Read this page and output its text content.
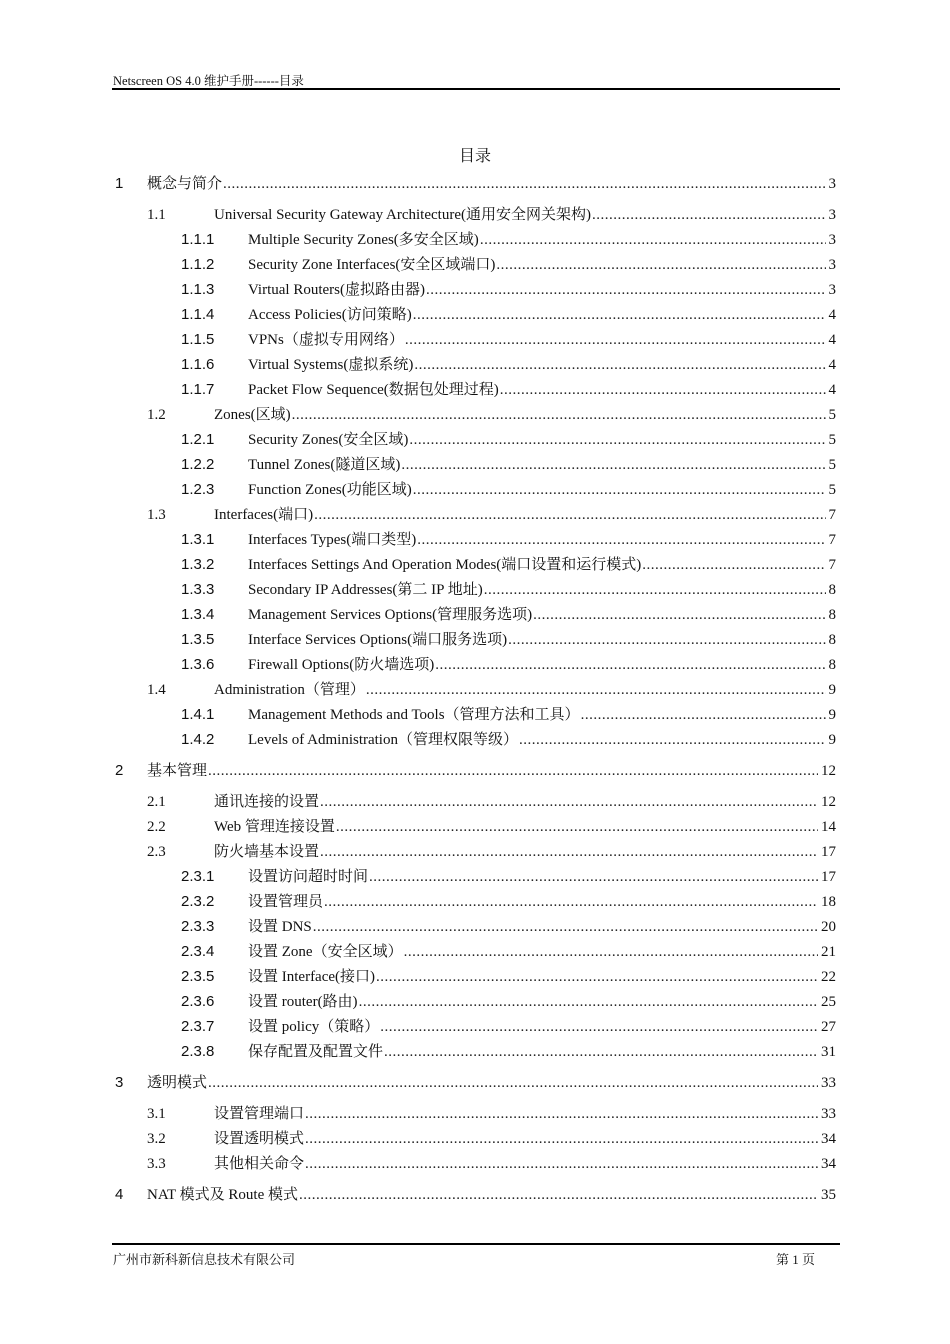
Netscreen OS 4.0 维护手册------目录
目录
1 概念与简介 .....	3
1.1	Universal Security Gateway Architecture(通用安全网关架构) .....	3
1.1.1 Multiple Security Zones(多安全区域) .....	3
1.1.2 Security Zone Interfaces(安全区域端口) .....	3
1.1.3 Virtual Routers(虚拟路由器) .....	3
1.1.4 Access Policies(访问策略) .....	4
1.1.5 VPNs（虚拟专用网络） .....	4
1.1.6 Virtual Systems(虚拟系统) .....	4
1.1.7 Packet Flow Sequence(数据包处理过程) .....	4
1.2	Zones(区域) .....	5
1.2.1 Security Zones(安全区域) .....	5
1.2.2 Tunnel Zones(隧道区域) .....	5
1.2.3 Function Zones(功能区域) .....	5
1.3	Interfaces(端口) .....	7
1.3.1 Interfaces Types(端口类型) .....	7
1.3.2 Interfaces Settings And Operation Modes(端口设置和运行模式) .....	7
1.3.3 Secondary IP Addresses(第二 IP 地址) .....	8
1.3.4 Management Services Options(管理服务选项) .....	8
1.3.5 Interface Services Options(端口服务选项) .....	8
1.3.6 Firewall Options(防火墙选项) .....	8
1.4	Administration（管理） .....	9
1.4.1 Management Methods and Tools（管理方法和工具） .....	9
1.4.2 Levels of Administration（管理权限等级） .....	9
2 基本管理 .....	12
2.1	通讯连接的设置 .....	12
2.2	Web 管理连接设置 .....	14
2.3	防火墙基本设置 .....	17
2.3.1 设置访问超时时间 .....	17
2.3.2 设置管理员 .....	18
2.3.3 设置 DNS .....	20
2.3.4 设置 Zone（安全区域） .....	21
2.3.5 设置 Interface(接口) .....	22
2.3.6 设置 router(路由) .....	25
2.3.7 设置 policy（策略） .....	27
2.3.8 保存配置及配置文件 .....	31
3 透明模式 .....	33
3.1	设置管理端口 .....	33
3.2	设置透明模式 .....	34
3.3	其他相关命令 .....	34
4 NAT 模式及 Route 模式 .....	35
广州市新科新信息技术有限公司	第 1 页
